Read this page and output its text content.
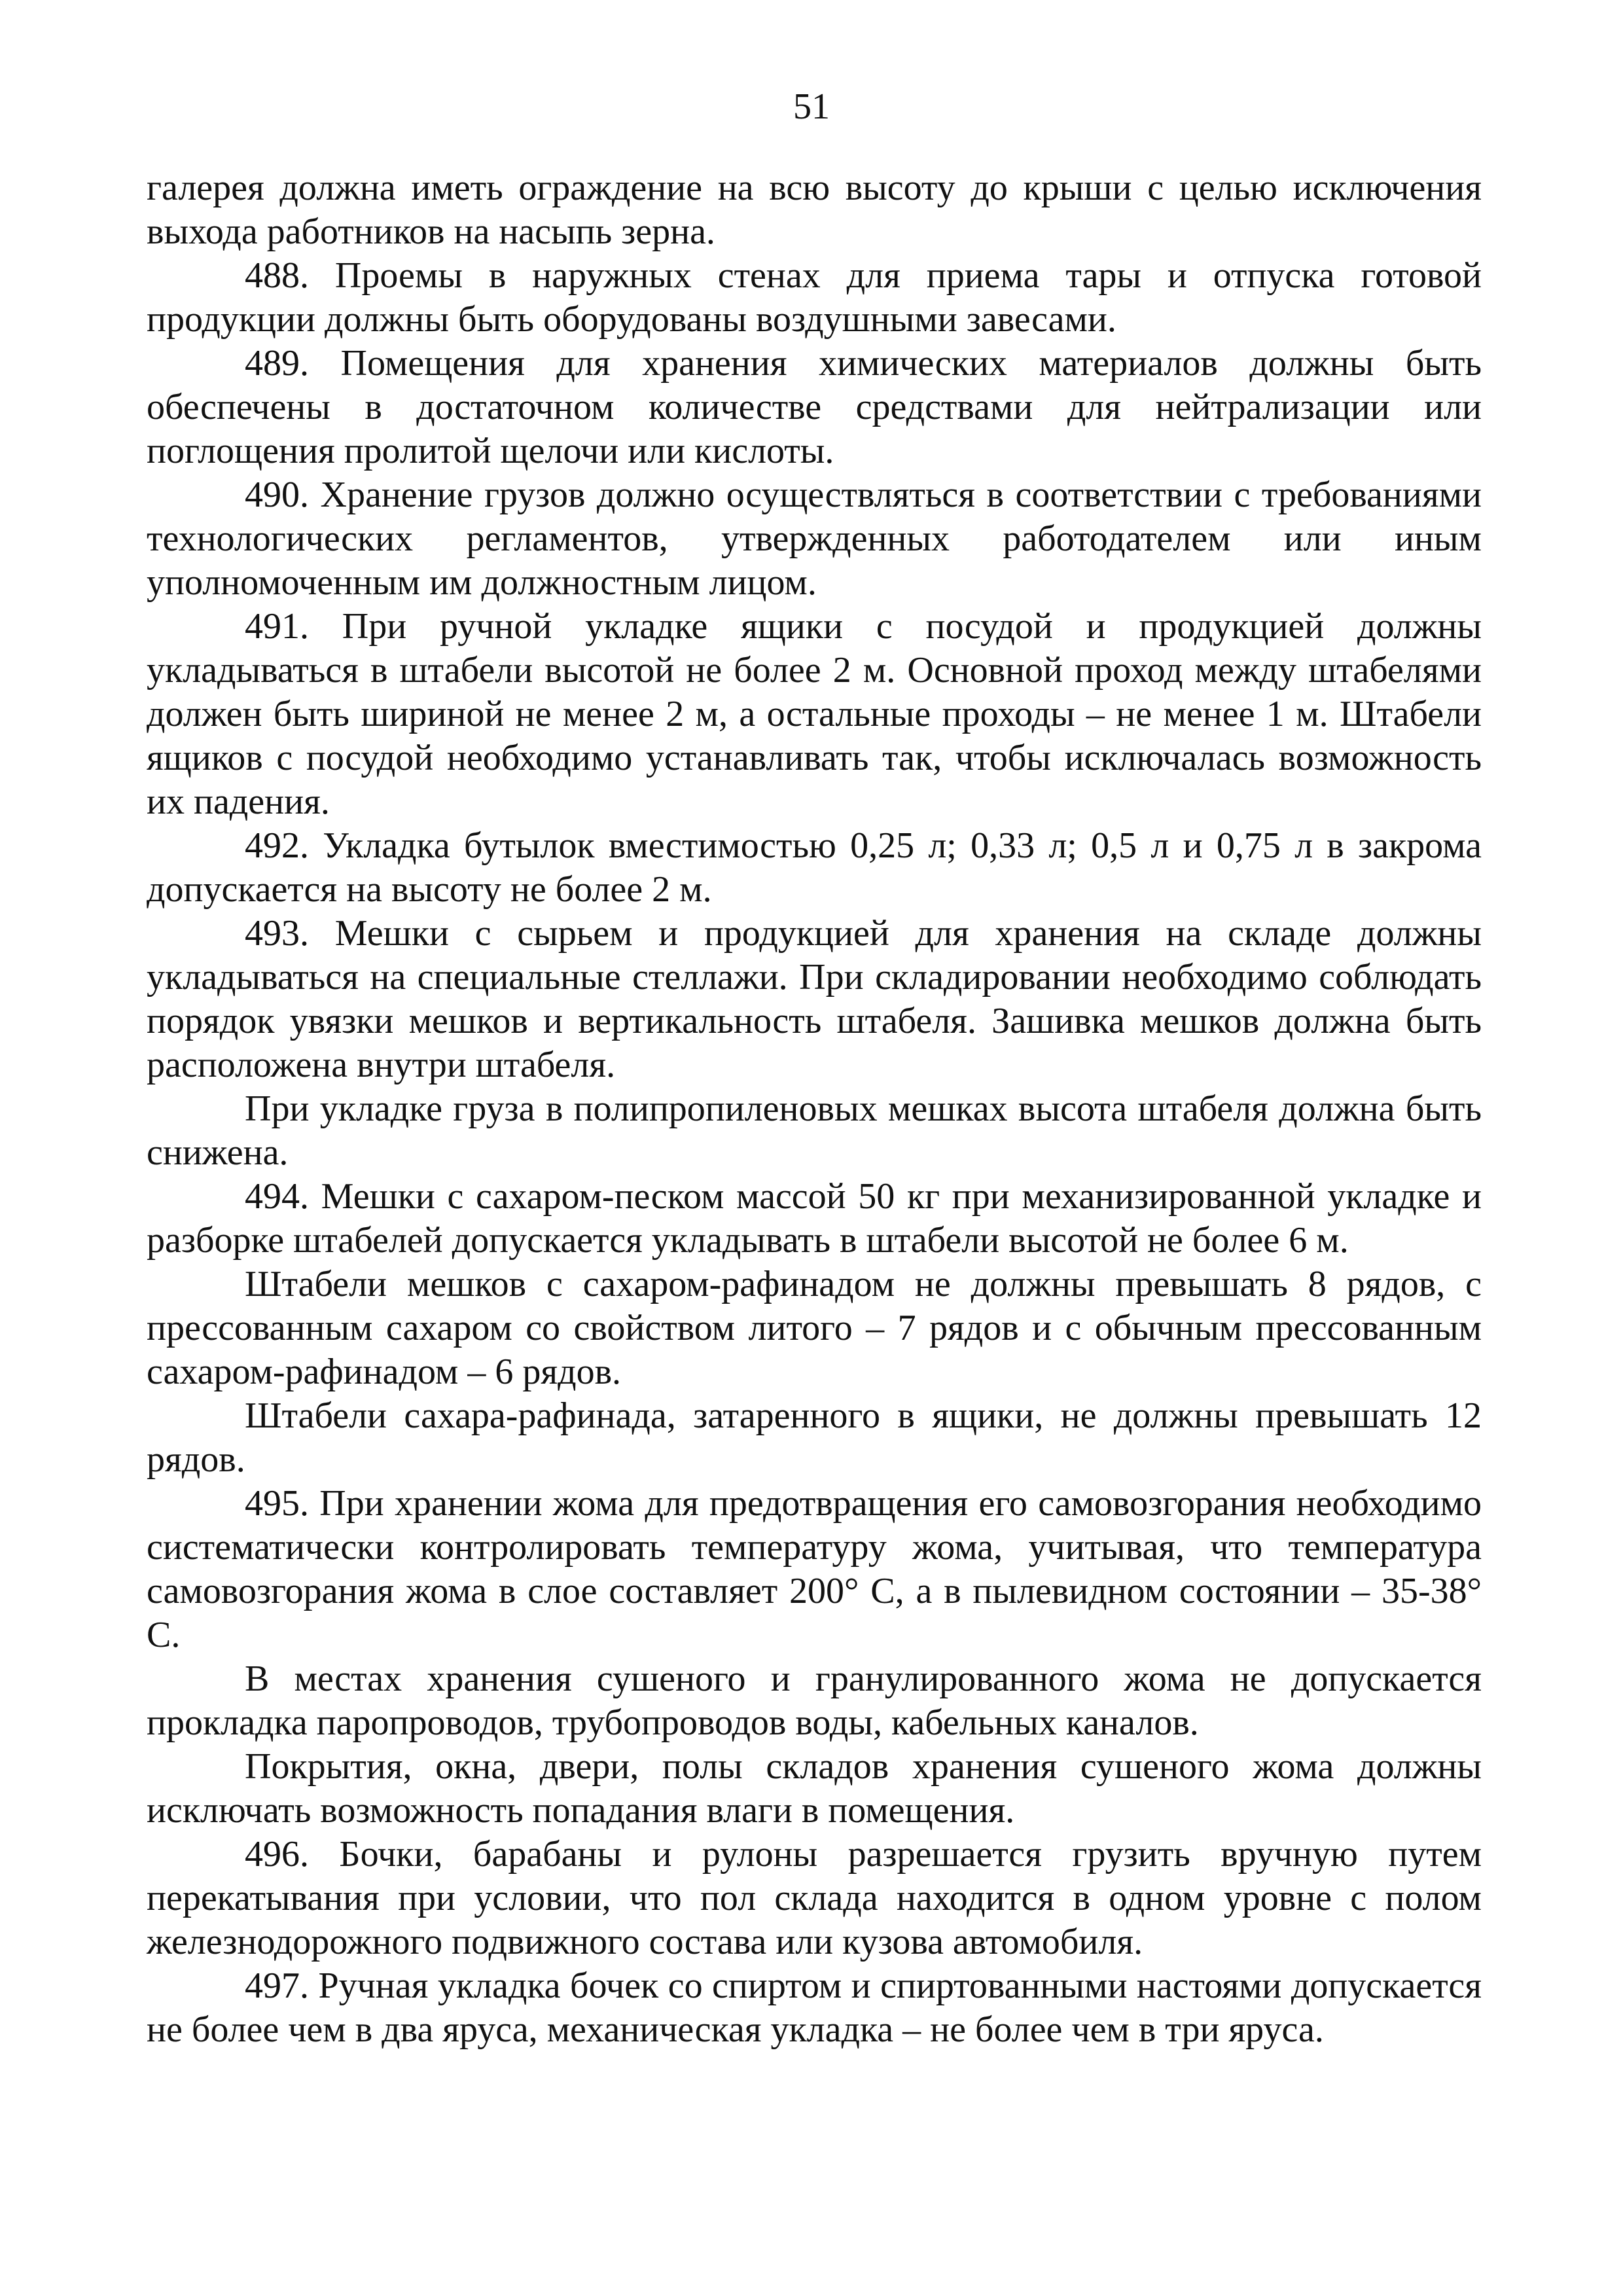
51

галерея должна иметь ограждение на всю высоту до крыши с целью исключения выхода работников на насыпь зерна.

488. Проемы в наружных стенах для приема тары и отпуска готовой продукции должны быть оборудованы воздушными завесами.

489. Помещения для хранения химических материалов должны быть обеспечены в достаточном количестве средствами для нейтрализации или поглощения пролитой щелочи или кислоты.

490. Хранение грузов должно осуществляться в соответствии с требованиями технологических регламентов, утвержденных работодателем или иным уполномоченным им должностным лицом.

491. При ручной укладке ящики с посудой и продукцией должны укладываться в штабели высотой не более 2 м. Основной проход между штабелями должен быть шириной не менее 2 м, а остальные проходы – не менее 1 м. Штабели ящиков с посудой необходимо устанавливать так, чтобы исключалась возможность их падения.

492. Укладка бутылок вместимостью 0,25 л; 0,33 л; 0,5 л и 0,75 л в закрома допускается на высоту не более 2 м.

493. Мешки с сырьем и продукцией для хранения на складе должны укладываться на специальные стеллажи. При складировании необходимо соблюдать порядок увязки мешков и вертикальность штабеля. Зашивка мешков должна быть расположена внутри штабеля.

При укладке груза в полипропиленовых мешках высота штабеля должна быть снижена.

494. Мешки с сахаром-песком массой 50 кг при механизированной укладке и разборке штабелей допускается укладывать в штабели высотой не более 6 м.

Штабели мешков с сахаром-рафинадом не должны превышать 8 рядов, с прессованным сахаром со свойством литого – 7 рядов и с обычным прессованным сахаром-рафинадом – 6 рядов.

Штабели сахара-рафинада, затаренного в ящики, не должны превышать 12 рядов.

495. При хранении жома для предотвращения его самовозгорания необходимо систематически контролировать температуру жома, учитывая, что температура самовозгорания жома в слое составляет 200° С, а в пылевидном состоянии – 35-38° С.

В местах хранения сушеного и гранулированного жома не допускается прокладка паропроводов, трубопроводов воды, кабельных каналов.

Покрытия, окна, двери, полы складов хранения сушеного жома должны исключать возможность попадания влаги в помещения.

496. Бочки, барабаны и рулоны разрешается грузить вручную путем перекатывания при условии, что пол склада находится в одном уровне с полом железнодорожного подвижного состава или кузова автомобиля.

497. Ручная укладка бочек со спиртом и спиртованными настоями допускается не более чем в два яруса, механическая укладка – не более чем в три яруса.
